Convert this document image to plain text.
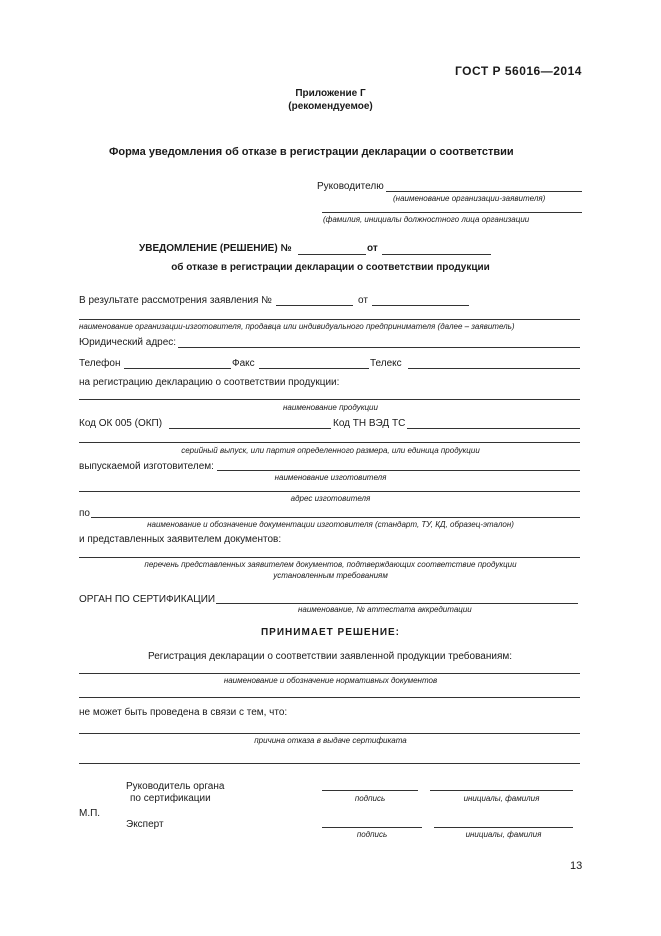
ГОСТ Р 56016—2014
Приложение Г
(рекомендуемое)
Форма уведомления об отказе в регистрации декларации о соответствии
Руководителю
(наименование организации-заявителя)
(фамилия, инициалы должностного лица организации
УВЕДОМЛЕНИЕ (РЕШЕНИЕ) №	от
об отказе в регистрации декларации о соответствии продукции
В результате рассмотрения заявления №	от
наименование организации-изготовителя, продавца или индивидуального предпринимателя (далее – заявитель)
Юридический адрес:
Телефон	Факс	Телекс
на регистрацию декларацию о соответствии продукции:
наименование продукции
Код ОК 005 (ОКП)	Код ТН ВЭД ТС
серийный выпуск, или партия определенного размера, или единица продукции
выпускаемой изготовителем:
наименование изготовителя
адрес изготовителя
по
наименование и обозначение документации изготовителя (стандарт, ТУ, КД, образец-эталон)
и представленных заявителем документов:
перечень представленных заявителем документов, подтверждающих соответствие продукции
установленным требованиям
ОРГАН ПО СЕРТИФИКАЦИИ
наименование, № аттестата аккредитации
ПРИНИМАЕТ РЕШЕНИЕ:
Регистрация декларации о соответствии заявленной продукции требованиям:
наименование и обозначение нормативных документов
не может быть проведена в связи с тем, что:
причина отказа в выдаче сертификата
Руководитель органа
по сертификации	подпись	инициалы, фамилия
М.П.
Эксперт
подпись	инициалы, фамилия
13
